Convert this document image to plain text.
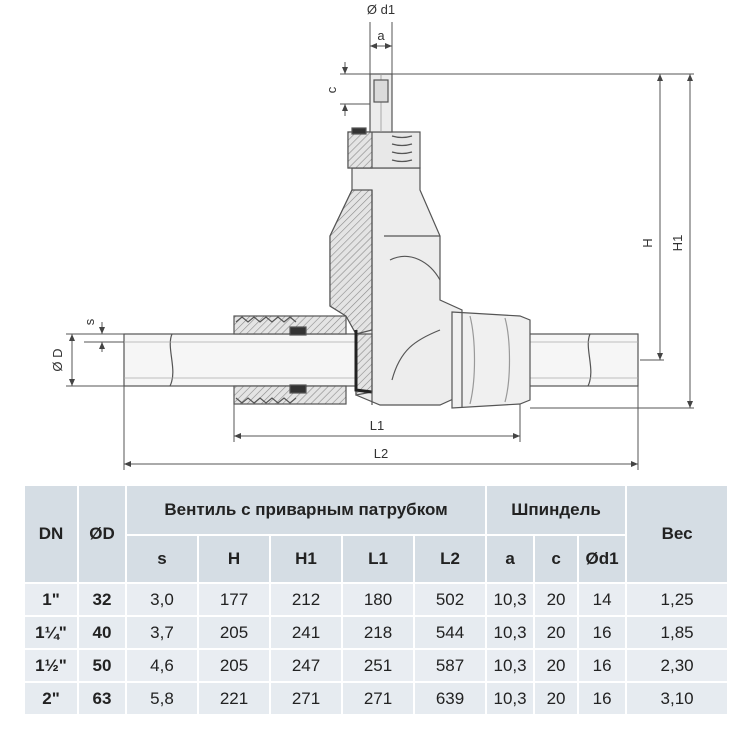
Ø d1
a
c
H H1
L1
L2
s
Ø D
DN	ØD	Вентиль с приварным патрубком					Шпиндель			Вес
		s	H	H1	L1	L2	a	c	Ød1	
1"	32	3,0	177	212	180	502	10,3	20	14	1,25
1¼"	40	3,7	205	241	218	544	10,3	20	16	1,85
1½"	50	4,6	205	247	251	587	10,3	20	16	2,30
2"	63	5,8	221	271	271	639	10,3	20	16	3,10
